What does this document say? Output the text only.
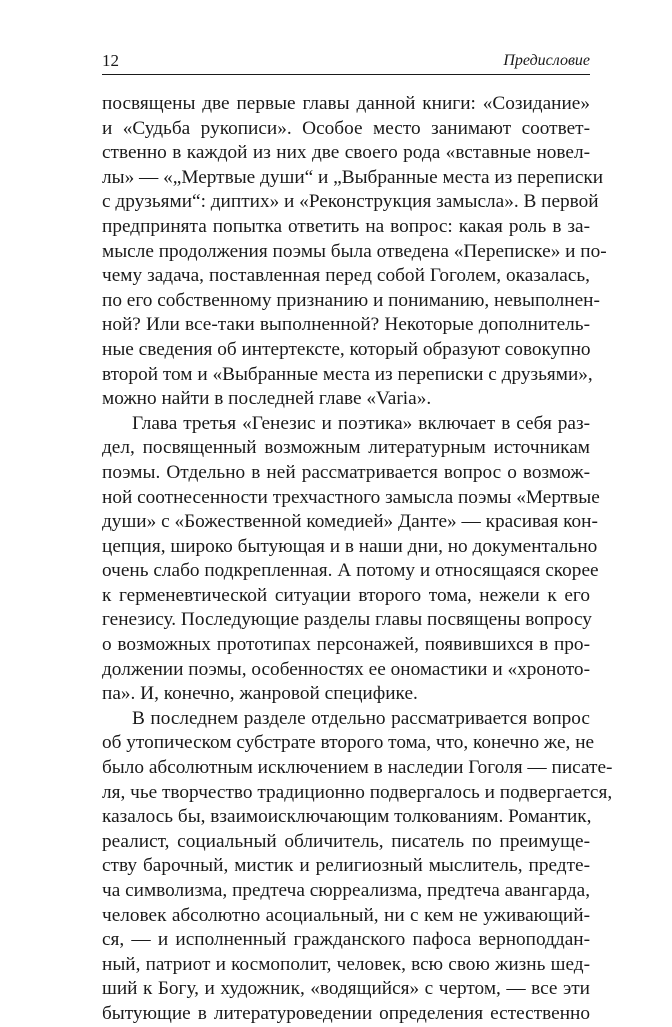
12	Предисловие
посвящены две первые главы данной книги: «Созидание»
и «Судьба рукописи». Особое место занимают соответ-
ственно в каждой из них две своего рода «вставные новел-
лы» — «„Мертвые души“ и „Выбранные места из переписки
с друзьями“: диптих» и «Реконструкция замысла». В первой
предпринята попытка ответить на вопрос: какая роль в за-
мысле продолжения поэмы была отведена «Переписке» и по-
чему задача, поставленная перед собой Гоголем, оказалась,
по его собственному признанию и пониманию, невыполнен-
ной? Или все-таки выполненной? Некоторые дополнитель-
ные сведения об интертексте, который образуют совокупно
второй том и «Выбранные места из переписки с друзьями»,
можно найти в последней главе «Varia».
Глава третья «Генезис и поэтика» включает в себя раз-
дел, посвященный возможным литературным источникам
поэмы. Отдельно в ней рассматривается вопрос о возмож-
ной соотнесенности трехчастного замысла поэмы «Мертвые
души» с «Божественной комедией» Данте» — красивая кон-
цепция, широко бытующая и в наши дни, но документально
очень слабо подкрепленная. А потому и относящаяся скорее
к герменевтической ситуации второго тома, нежели к его
генезису. Последующие разделы главы посвящены вопросу
о возможных прототипах персонажей, появившихся в про-
должении поэмы, особенностях ее ономастики и «хроното-
па». И, конечно, жанровой специфике.
В последнем разделе отдельно рассматривается вопрос
об утопическом субстрате второго тома, что, конечно же, не
было абсолютным исключением в наследии Гоголя — писате-
ля, чье творчество традиционно подвергалось и подвергается,
казалось бы, взаимоисключающим толкованиям. Романтик,
реалист, социальный обличитель, писатель по преимуще-
ству барочный, мистик и религиозный мыслитель, предте-
ча символизма, предтеча сюрреализма, предтеча авангарда,
человек абсолютно асоциальный, ни с кем не уживающий-
ся, — и исполненный гражданского пафоса верноподдан-
ный, патриот и космополит, человек, всю свою жизнь шед-
ший к Богу, и художник, «водящийся» с чертом, — все эти
бытующие в литературоведении определения естественно
